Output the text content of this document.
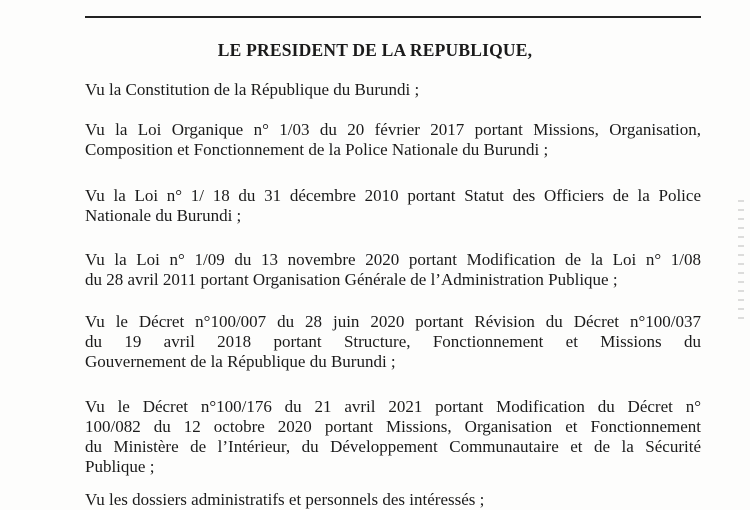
LE PRESIDENT DE LA REPUBLIQUE,
Vu la Constitution de la République du Burundi ;
Vu la Loi Organique n° 1/03 du 20 février 2017 portant Missions, Organisation,
Composition et Fonctionnement de la Police Nationale du Burundi ;
Vu la Loi n° 1/ 18 du 31 décembre 2010 portant Statut des Officiers de la Police
Nationale du Burundi ;
Vu la Loi n° 1/09 du 13 novembre 2020 portant Modification de la Loi n° 1/08
du 28 avril 2011 portant Organisation Générale de l’Administration Publique ;
Vu le Décret n°100/007 du 28 juin 2020 portant Révision du Décret n°100/037
du 19 avril 2018 portant Structure, Fonctionnement et Missions du
Gouvernement de la République du Burundi ;
Vu le Décret n°100/176 du 21 avril 2021 portant Modification du Décret n°
100/082 du 12 octobre 2020 portant Missions, Organisation et Fonctionnement
du Ministère de l’Intérieur, du Développement Communautaire et de la Sécurité
Publique ;
Vu les dossiers administratifs et personnels des intéressés ;
